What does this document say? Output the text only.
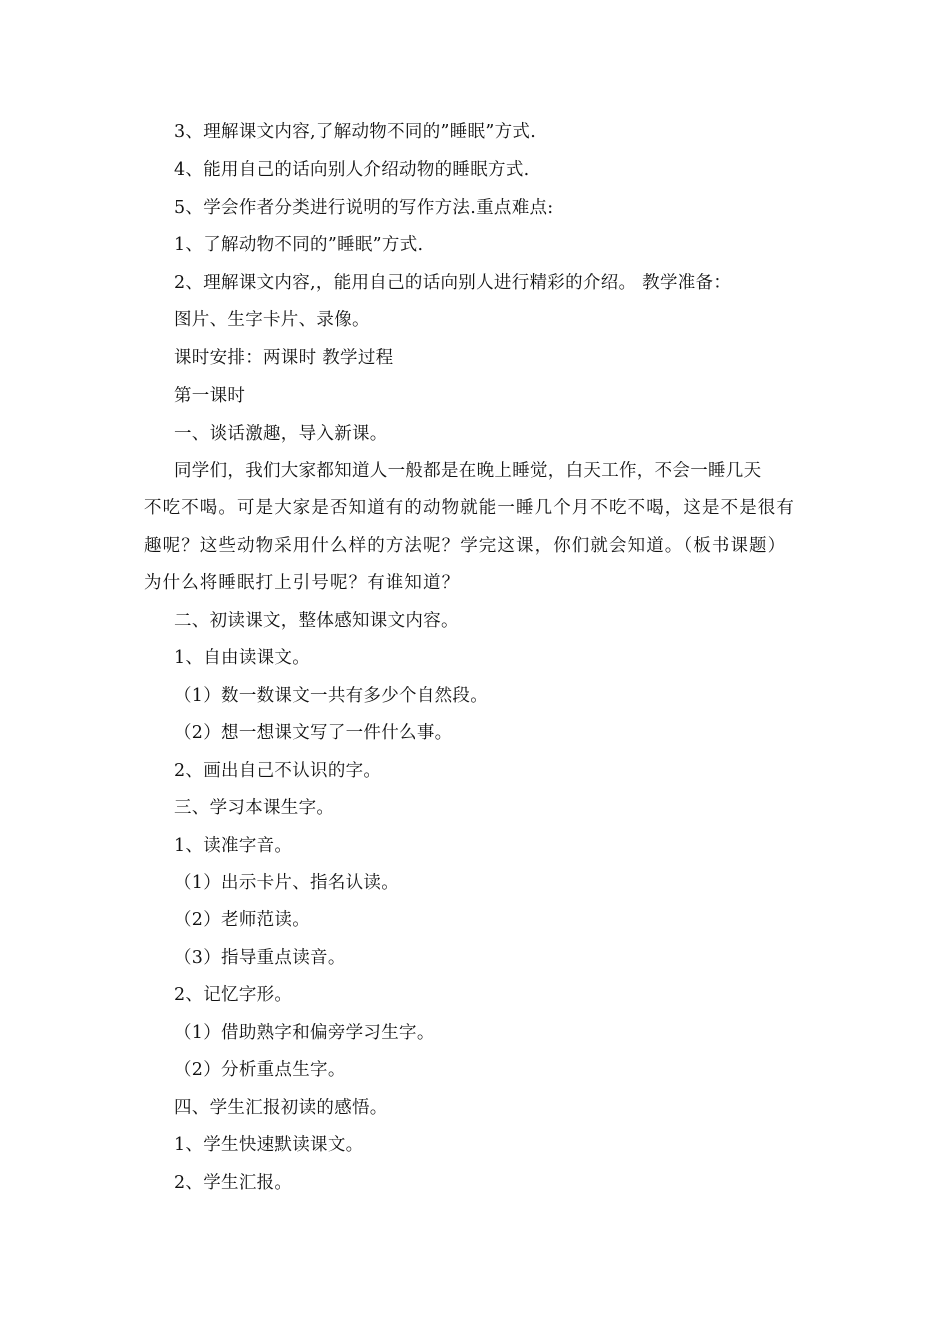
3、理解课文内容,了解动物不同的”睡眠”方式.
4、能用自己的话向别人介绍动物的睡眠方式.
5、学会作者分类进行说明的写作方法.重点难点:
1、了解动物不同的”睡眠”方式.
2、理解课文内容,，能用自己的话向别人进行精彩的介绍。 教学准备：
图片、生字卡片、录像。
课时安排：两课时 教学过程
第一课时
一、谈话激趣，导入新课。
同学们，我们大家都知道人一般都是在晚上睡觉，白天工作，不会一睡几天
不吃不喝。可是大家是否知道有的动物就能一睡几个月不吃不喝，这是不是很有
趣呢？这些动物采用什么样的方法呢？学完这课，你们就会知道。（板书课题）
为什么将睡眠打上引号呢？有谁知道？
二、初读课文，整体感知课文内容。
1、自由读课文。
（1）数一数课文一共有多少个自然段。
（2）想一想课文写了一件什么事。
2、画出自己不认识的字。
三、学习本课生字。
1、读准字音。
（1）出示卡片、指名认读。
（2）老师范读。
（3）指导重点读音。
2、记忆字形。
（1）借助熟字和偏旁学习生字。
（2）分析重点生字。
四、学生汇报初读的感悟。
1、学生快速默读课文。
2、学生汇报。
